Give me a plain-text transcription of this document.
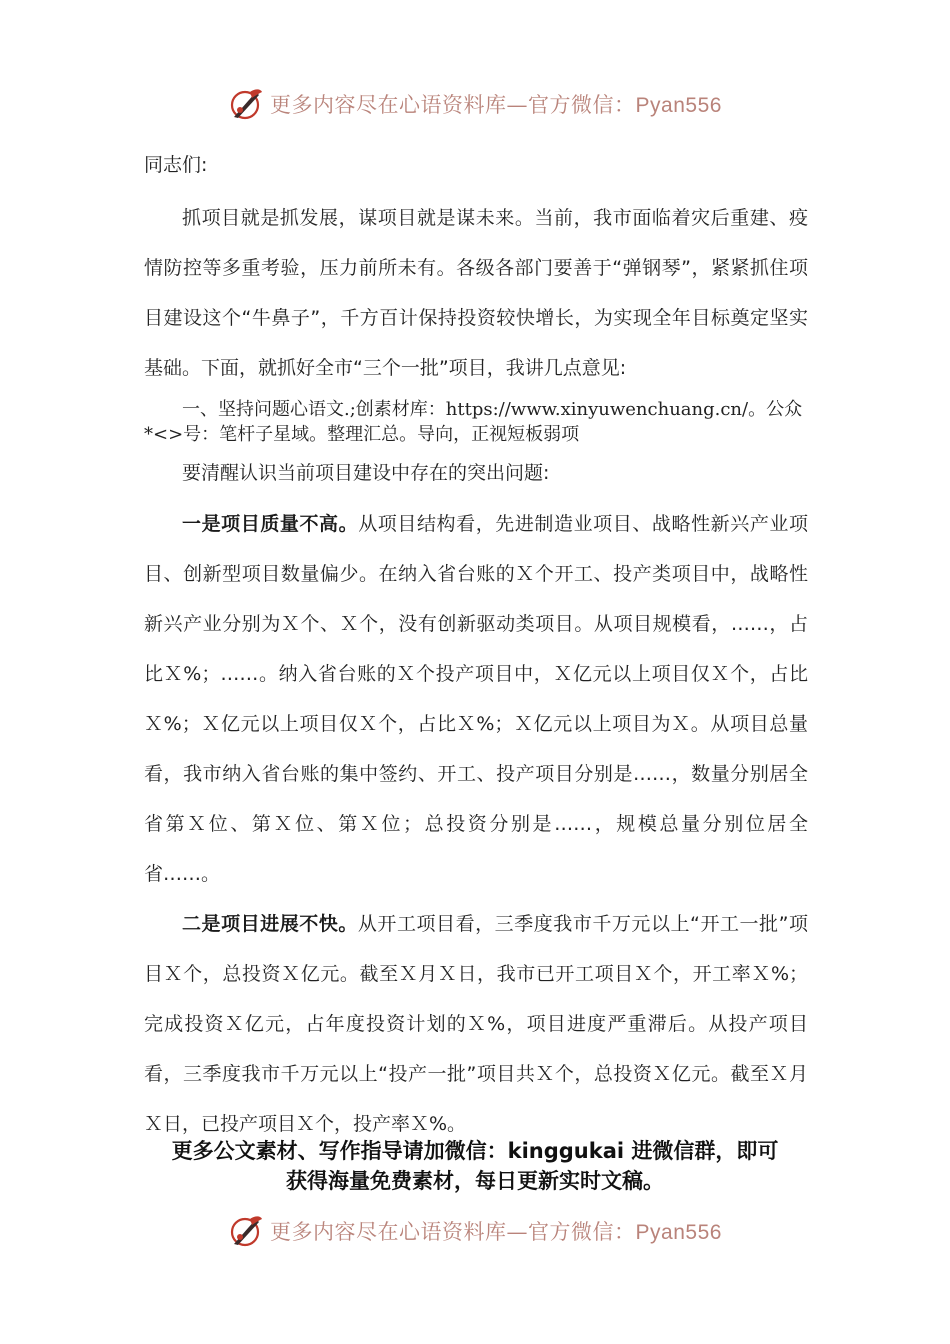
更多内容尽在心语资料库—官方微信：Pyan556

同志们:

抓项目就是抓发展，谋项目就是谋未来。当前，我市面临着灾后重建、疫情防控等多重考验，压力前所未有。各级各部门要善于“弹钢琴”，紧紧抓住项目建设这个“牛鼻子”，千方百计保持投资较快增长，为实现全年目标奠定坚实基础。下面，就抓好全市“三个一批”项目，我讲几点意见:

一、坚持问题心语文.;创素材库：https://www.xinyuwenchuang.cn/。公众*<>号：笔杆子星域。整理汇总。导向，正视短板弱项

要清醒认识当前项目建设中存在的突出问题:

一是项目质量不高。从项目结构看，先进制造业项目、战略性新兴产业项目、创新型项目数量偏少。在纳入省台账的Ｘ个开工、投产类项目中，战略性新兴产业分别为Ｘ个、Ｘ个，没有创新驱动类项目。从项目规模看，……，占比Ｘ%；……。纳入省台账的Ｘ个投产项目中，Ｘ亿元以上项目仅Ｘ个，占比Ｘ%；Ｘ亿元以上项目仅Ｘ个，占比Ｘ%；Ｘ亿元以上项目为Ｘ。从项目总量看，我市纳入省台账的集中签约、开工、投产项目分别是……，数量分别居全省第Ｘ位、第Ｘ位、第Ｘ位；总投资分别是……，规模总量分别位居全省……。

二是项目进展不快。从开工项目看，三季度我市千万元以上“开工一批”项目Ｘ个，总投资Ｘ亿元。截至Ｘ月Ｘ日，我市已开工项目Ｘ个，开工率Ｘ%；完成投资Ｘ亿元，占年度投资计划的Ｘ%，项目进度严重滞后。从投产项目看，三季度我市千万元以上“投产一批”项目共Ｘ个，总投资Ｘ亿元。截至Ｘ月Ｘ日，已投产项目Ｘ个，投产率Ｘ%。

更多公文素材、写作指导请加微信：kinggukai 进微信群，即可
获得海量免费素材，每日更新实时文稿。
更多内容尽在心语资料库—官方微信：Pyan556
